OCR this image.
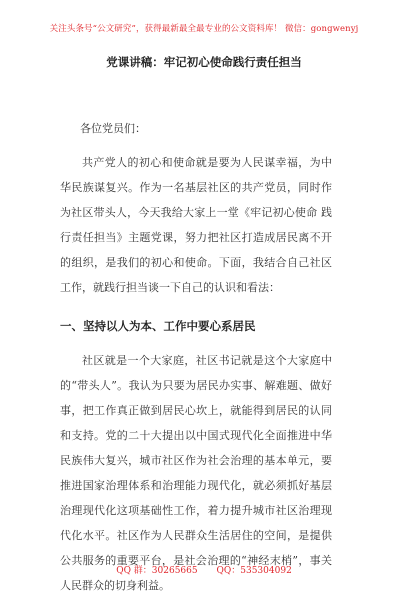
关注头条号“公文研究”，获得最新最全最专业的公文资料库！ 微信：gongwenyj
党课讲稿：牢记初心使命践行责任担当
各位党员们：

共产党人的初心和使命就是要为人民谋幸福，为中华民族谋复兴。作为一名基层社区的共产党员，同时作为社区带头人，今天我给大家上一堂《牢记初心使命 践行责任担当》主题党课，努力把社区打造成居民离不开的组织，是我们的初心和使命。下面，我结合自己社区工作，就践行担当谈一下自己的认识和看法：

一、坚持以人为本、工作中要心系居民

社区就是一个大家庭，社区书记就是这个大家庭中的“带头人”。我认为只要为居民办实事、解难题、做好事，把工作真正做到居民心坎上，就能得到居民的认同和支持。党的二十大提出以中国式现代化全面推进中华民族伟大复兴，城市社区作为社会治理的基本单元，要推进国家治理体系和治理能力现代化，就必须抓好基层治理现代化这项基础性工作，着力提升城市社区治理现代化水平。社区作为人民群众生活居住的空间，是提供公共服务的重要平台，是社会治理的“神经末梢”，事关人民群众的切身利益。

QQ 群：30265665 QQ：535304092
